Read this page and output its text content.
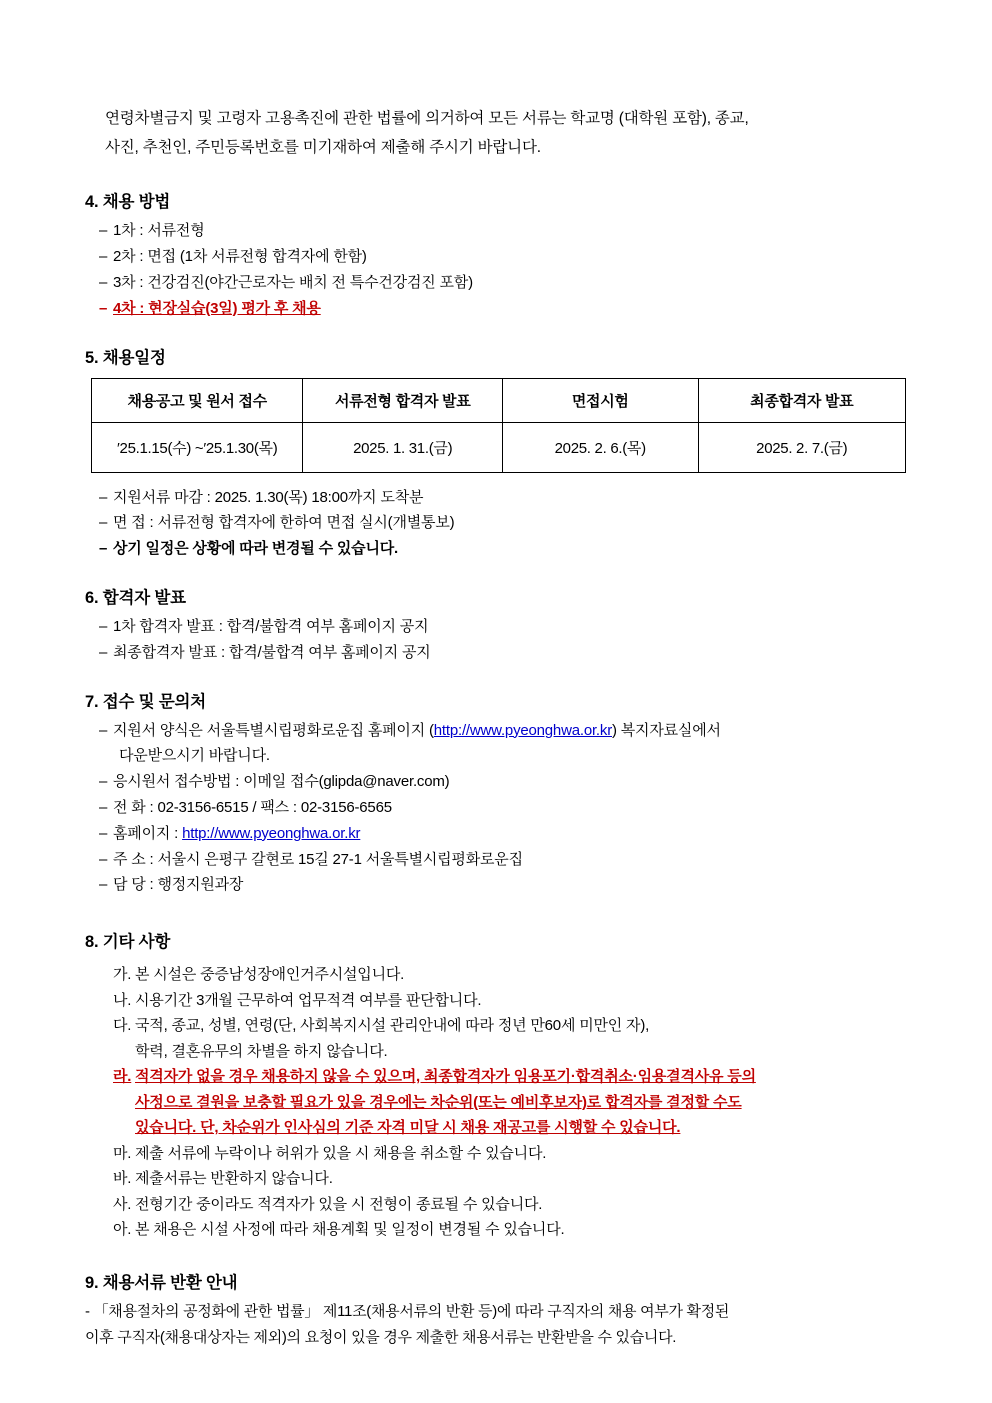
연령차별금지 및 고령자 고용촉진에 관한 법률에 의거하여 모든 서류는 학교명 (대학원 포함), 종교,
사진, 추천인, 주민등록번호를 미기재하여 제출해 주시기 바랍니다.
4. 채용 방법
– 1차 : 서류전형
– 2차 : 면접 (1차 서류전형 합격자에 한함)
– 3차 : 건강검진(야간근로자는 배치 전 특수건강검진 포함)
– 4차 : 현장실습(3일) 평가 후 채용
5. 채용일정
채용공고 및 원서 접수	서류전형 합격자 발표	면접시험	최종합격자 발표
′25.1.15(수) ~′25.1.30(목)	2025. 1. 31.(금)	2025. 2. 6.(목)	2025. 2. 7.(금)
– 지원서류 마감 : 2025. 1.30(목) 18:00까지 도착분
– 면 접 : 서류전형 합격자에 한하여 면접 실시(개별통보)
– 상기 일정은 상황에 따라 변경될 수 있습니다.
6. 합격자 발표
– 1차 합격자 발표 : 합격/불합격 여부 홈페이지 공지
– 최종합격자 발표 : 합격/불합격 여부 홈페이지 공지
7. 접수 및 문의처
– 지원서 양식은 서울특별시립평화로운집 홈페이지 (http://www.pyeonghwa.or.kr) 복지자료실에서
다운받으시기 바랍니다.
– 응시원서 접수방법 : 이메일 접수(glipda@naver.com)
– 전 화 : 02-3156-6515 / 팩스 : 02-3156-6565
– 홈페이지 : http://www.pyeonghwa.or.kr
– 주 소 : 서울시 은평구 갈현로 15길 27-1 서울특별시립평화로운집
– 담 당 : 행정지원과장
8. 기타 사항
가. 본 시설은 중증남성장애인거주시설입니다.
나. 시용기간 3개월 근무하여 업무적격 여부를 판단합니다.
다. 국적, 종교, 성별, 연령(단, 사회복지시설 관리안내에 따라 정년 만60세 미만인 자),
학력, 결혼유무의 차별을 하지 않습니다.
라. 적격자가 없을 경우 채용하지 않을 수 있으며, 최종합격자가 임용포기·합격취소·임용결격사유 등의
사정으로 결원을 보충할 필요가 있을 경우에는 차순위(또는 예비후보자)로 합격자를 결정할 수도
있습니다. 단, 차순위가 인사심의 기준 자격 미달 시 채용 재공고를 시행할 수 있습니다.
마. 제출 서류에 누락이나 허위가 있을 시 채용을 취소할 수 있습니다.
바. 제출서류는 반환하지 않습니다.
사. 전형기간 중이라도 적격자가 있을 시 전형이 종료될 수 있습니다.
아. 본 채용은 시설 사정에 따라 채용계획 및 일정이 변경될 수 있습니다.
9. 채용서류 반환 안내

- 「채용절차의 공정화에 관한 법률」 제11조(채용서류의 반환 등)에 따라 구직자의 채용 여부가 확정된

이후 구직자(채용대상자는 제외)의 요청이 있을 경우 제출한 채용서류는 반환받을 수 있습니다.
